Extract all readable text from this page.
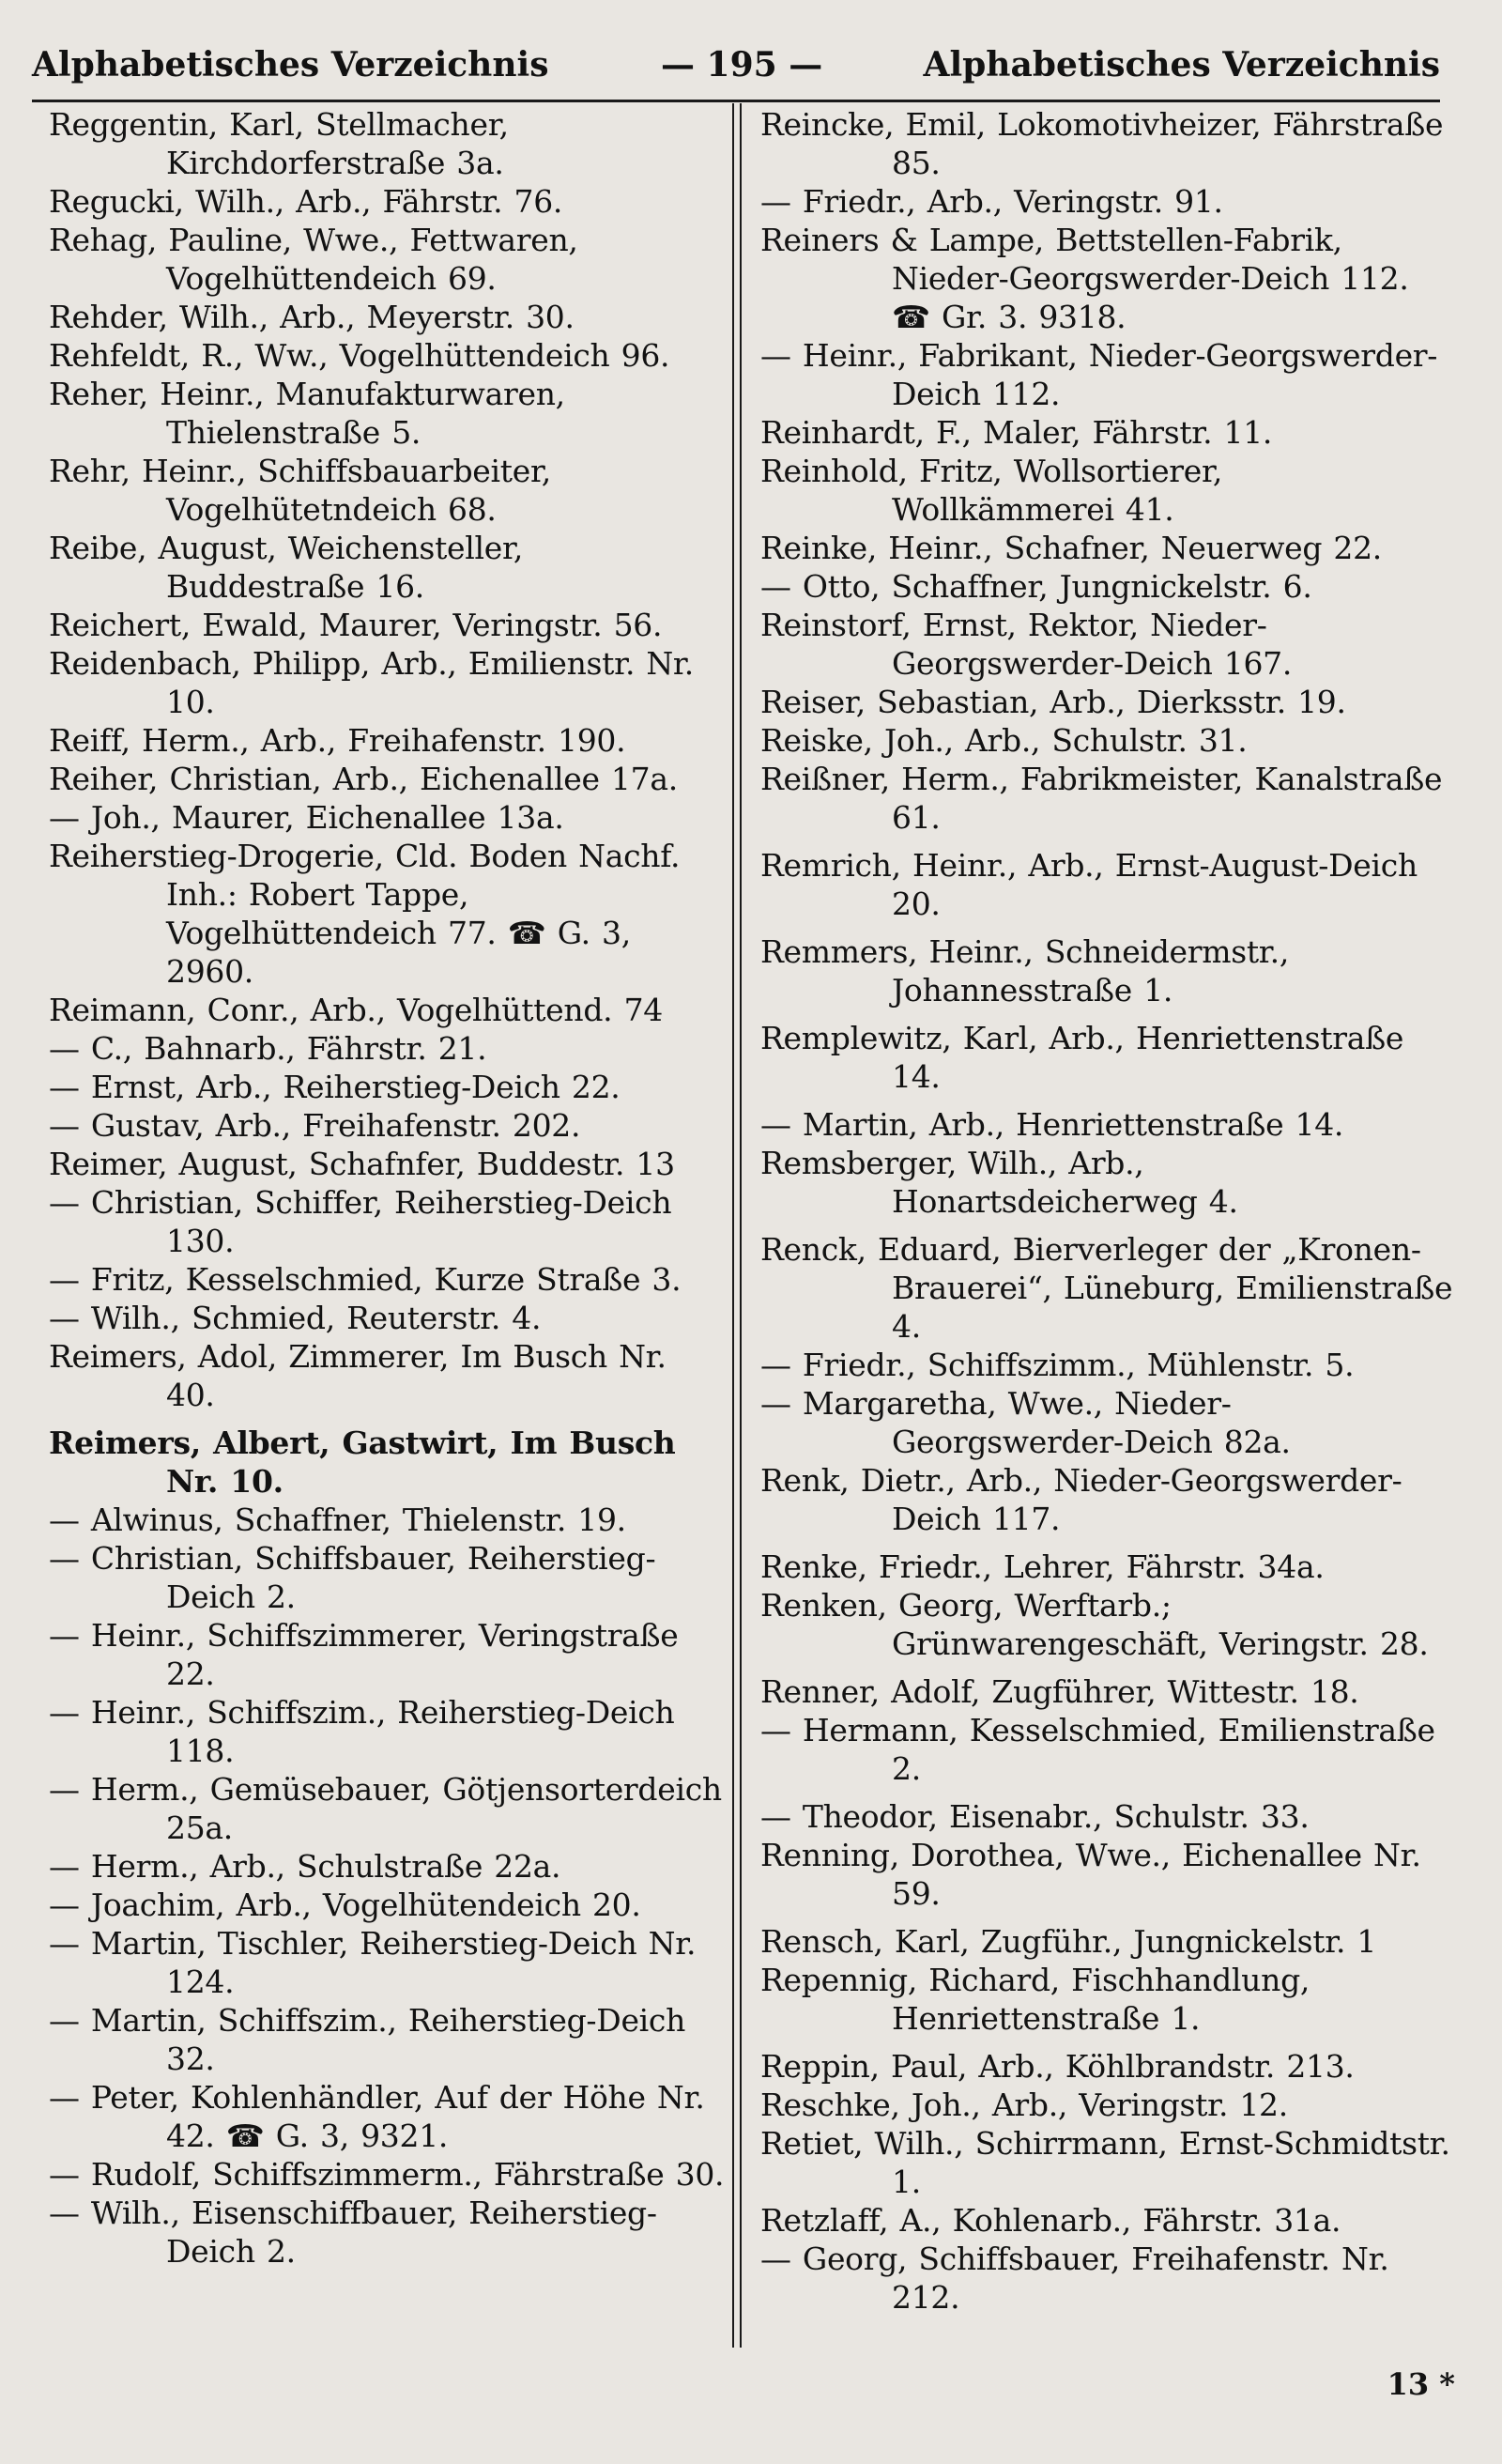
Alphabetisches Verzeichnis	— 195 —	Alphabetisches Verzeichnis
Reggentin, Karl, Stellmacher, Kirchdorferstraße 3a.
Regucki, Wilh., Arb., Fährstr. 76.
Rehag, Pauline, Wwe., Fettwaren, Vogelhüttendeich 69.
Rehder, Wilh., Arb., Meyerstr. 30.
Rehfeldt, R., Ww., Vogelhüttendeich 96.
Reher, Heinr., Manufakturwaren, Thielenstraße 5.
Rehr, Heinr., Schiffsbauarbeiter, Vogelhütetndeich 68.
Reibe, August, Weichensteller, Buddestraße 16.
Reichert, Ewald, Maurer, Veringstr. 56.
Reidenbach, Philipp, Arb., Emilienstr. Nr. 10.
Reiff, Herm., Arb., Freihafenstr. 190.
Reiher, Christian, Arb., Eichenallee 17a.
— Joh., Maurer, Eichenallee 13a.
Reiherstieg-Drogerie, Cld. Boden Nachf. Inh.: Robert Tappe, Vogelhüttendeich 77. ☎ G. 3, 2960.
Reimann, Conr., Arb., Vogelhüttend. 74
— C., Bahnarb., Fährstr. 21.
— Ernst, Arb., Reiherstieg-Deich 22.
— Gustav, Arb., Freihafenstr. 202.
Reimer, August, Schafnfer, Buddestr. 13
— Christian, Schiffer, Reiherstieg-Deich 130.
— Fritz, Kesselschmied, Kurze Straße 3.
— Wilh., Schmied, Reuterstr. 4.
Reimers, Adol, Zimmerer, Im Busch Nr. 40.
Reimers, Albert, Gastwirt, Im Busch Nr. 10.
— Alwinus, Schaffner, Thielenstr. 19.
— Christian, Schiffsbauer, Reiherstieg-Deich 2.
— Heinr., Schiffszimmerer, Veringstraße 22.
— Heinr., Schiffszim., Reiherstieg-Deich 118.
— Herm., Gemüsebauer, Götjensorterdeich 25a.
— Herm., Arb., Schulstraße 22a.
— Joachim, Arb., Vogelhütendeich 20.
— Martin, Tischler, Reiherstieg-Deich Nr. 124.
— Martin, Schiffszim., Reiherstieg-Deich 32.
— Peter, Kohlenhändler, Auf der Höhe Nr. 42. ☎ G. 3, 9321.
— Rudolf, Schiffszimmerm., Fährstraße 30.
— Wilh., Eisenschiffbauer, Reiherstieg-Deich 2.
Reincke, Emil, Lokomotivheizer, Fährstraße 85.
— Friedr., Arb., Veringstr. 91.
Reiners & Lampe, Bettstellen-Fabrik, Nieder-Georgswerder-Deich 112. ☎ Gr. 3. 9318.
— Heinr., Fabrikant, Nieder-Georgswerder-Deich 112.
Reinhardt, F., Maler, Fährstr. 11.
Reinhold, Fritz, Wollsortierer, Wollkämmerei 41.
Reinke, Heinr., Schafner, Neuerweg 22.
— Otto, Schaffner, Jungnickelstr. 6.
Reinstorf, Ernst, Rektor, Nieder-Georgswerder-Deich 167.
Reiser, Sebastian, Arb., Dierksstr. 19.
Reiske, Joh., Arb., Schulstr. 31.
Reißner, Herm., Fabrikmeister, Kanalstraße 61.
Remrich, Heinr., Arb., Ernst-August-Deich 20.
Remmers, Heinr., Schneidermstr., Johannesstraße 1.
Remplewitz, Karl, Arb., Henriettenstraße 14.
— Martin, Arb., Henriettenstraße 14.
Remsberger, Wilh., Arb., Honartsdeicherweg 4.
Renck, Eduard, Bierverleger der „Kronen-Brauerei“, Lüneburg, Emilienstraße 4.
— Friedr., Schiffszimm., Mühlenstr. 5.
— Margaretha, Wwe., Nieder-Georgswerder-Deich 82a.
Renk, Dietr., Arb., Nieder-Georgswerder-Deich 117.
Renke, Friedr., Lehrer, Fährstr. 34a.
Renken, Georg, Werftarb.; Grünwarengeschäft, Veringstr. 28.
Renner, Adolf, Zugführer, Wittestr. 18.
— Hermann, Kesselschmied, Emilienstraße 2.
— Theodor, Eisenabr., Schulstr. 33.
Renning, Dorothea, Wwe., Eichenallee Nr. 59.
Rensch, Karl, Zugführ., Jungnickelstr. 1
Repennig, Richard, Fischhandlung, Henriettenstraße 1.
Reppin, Paul, Arb., Köhlbrandstr. 213.
Reschke, Joh., Arb., Veringstr. 12.
Retiet, Wilh., Schirrmann, Ernst-Schmidtstr. 1.
Retzlaff, A., Kohlenarb., Fährstr. 31a.
— Georg, Schiffsbauer, Freihafenstr. Nr. 212.
13 *
